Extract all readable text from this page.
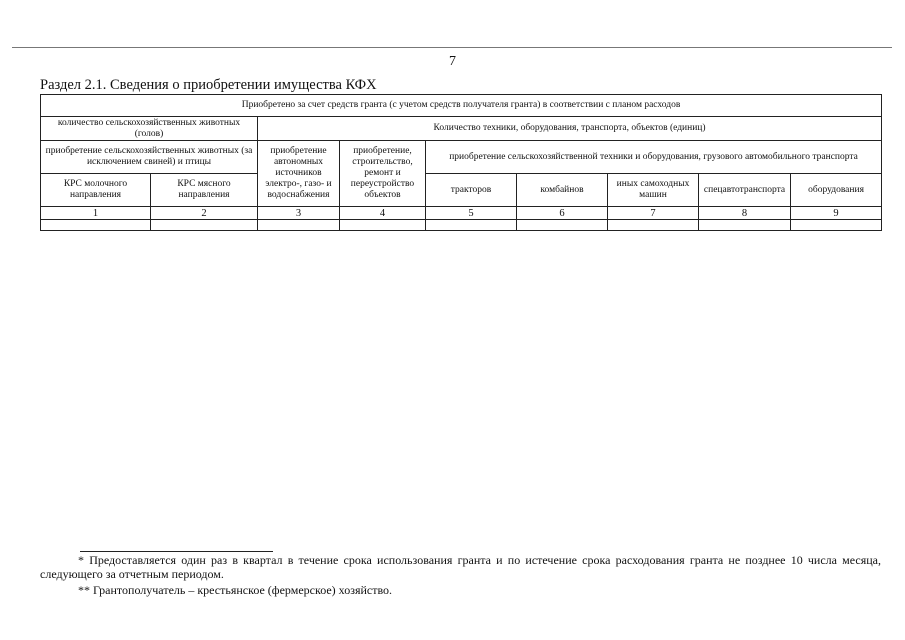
7
Раздел 2.1. Сведения о приобретении имущества КФХ
Приобретено за счет средств гранта (с учетом средств получателя гранта) в соответствии с планом расходов								
количество сельскохозяйственных животных (голов)		Количество техники, оборудования, транспорта, объектов (единиц)						
приобретение сельскохозяйственных животных (за исключением свиней) и птицы		приобретение автономных источников электро-, газо- и водоснабжения	приобретение, строительство, ремонт и переустройство объектов	приобретение сельскохозяйственной техники и оборудования, грузового автомобильного транспорта				
КРС молочного направления	КРС мясного направления			тракторов	комбайнов	иных самоходных машин	спецавтотранспорта	оборудования
1	2	3	4	5	6	7	8	9

* Предоставляется один раз в квартал в течение срока использования гранта и по истечение срока расходования гранта не позднее 10 числа месяца, следующего за отчетным периодом.
** Грантополучатель – крестьянское (фермерское) хозяйство.
